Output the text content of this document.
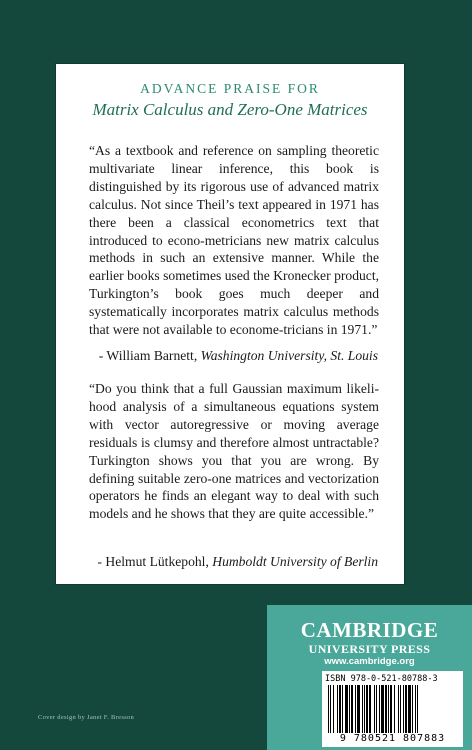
ADVANCE PRAISE FOR

Matrix Calculus and Zero-One Matrices

“As a textbook and reference on sampling theoretic multivariate linear inference, this book is distinguished by its rigorous use of advanced matrix calculus. Not since Theil’s text appeared in 1971 has there been a classical econometrics text that introduced to econo-metricians new matrix calculus methods in such an extensive manner. While the earlier books sometimes used the Kronecker product, Turkington’s book goes much deeper and systematically incorporates matrix calculus methods that were not available to econome-tricians in 1971.”

- William Barnett, Washington University, St. Louis

“Do you think that a full Gaussian maximum likeli-hood analysis of a simultaneous equations system with vector autoregressive or moving average residuals is clumsy and therefore almost untractable? Turkington shows you that you are wrong. By defining suitable zero-one matrices and vectorization operators he finds an elegant way to deal with such models and he shows that they are quite accessible.”

- Helmut Lütkepohl, Humboldt University of Berlin

CAMBRIDGE

UNIVERSITY PRESS

www.cambridge.org

ISBN 978-0-521-80788-3

9 780521 807883

Cover design by Janet F. Bresson
